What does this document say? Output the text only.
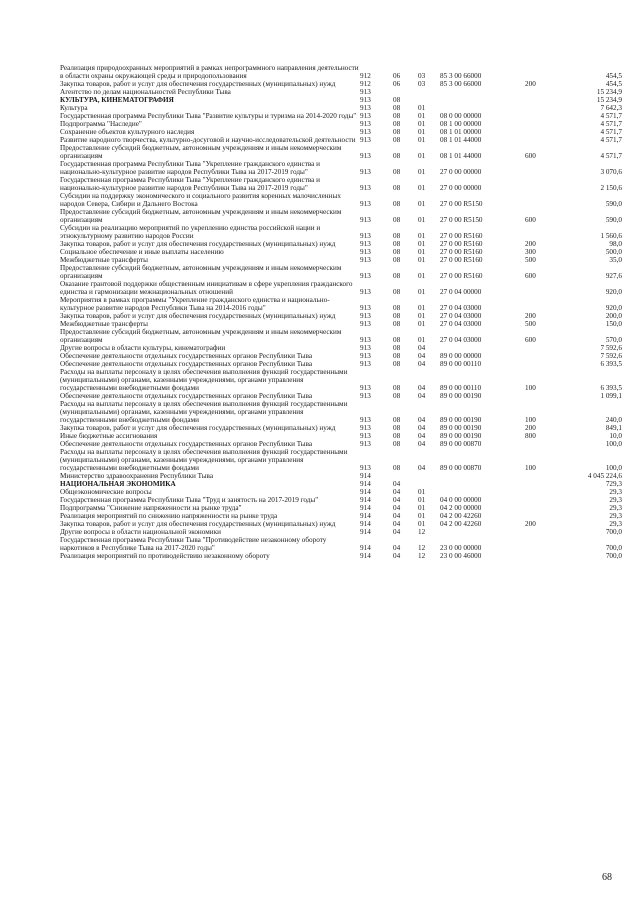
Реализация природоохранных мероприятий в рамках непрограммного направления деятельности в области охраны окружающей среды и природопользования	912	06	03	85 3 00 66000		454,5
Закупка товаров, работ и услуг для обеспечения государственных (муниципальных) нужд	912	06	03	85 3 00 66000	200	454,5
Агентство по делам национальностей Республики Тыва	913					15 234,9
КУЛЬТУРА, КИНЕМАТОГРАФИЯ	913	08				15 234,9
Культура	913	08	01			7 642,3
Государственная программа Республики Тыва "Развитие культуры и туризма на 2014-2020 годы"	913	08	01	08 0 00 00000		4 571,7
Подпрограмма "Наследие"	913	08	01	08 1 00 00000		4 571,7
Сохранение объектов культурного наследия	913	08	01	08 1 01 00000		4 571,7
Развитие народного творчества, культурно-досуговой и научно-исследовательской деятельности	913	08	01	08 1 01 44000		4 571,7
Предоставление субсидий бюджетным, автономным учреждениям и иным некоммерческим организациям	913	08	01	08 1 01 44000	600	4 571,7
Государственная программа Республики Тыва "Укрепление гражданского единства и национально-культурное развитие народов Республики Тыва на 2017-2019 годы"	913	08	01	27 0 00 00000		3 070,6
Государственная программа Республики Тыва "Укрепление гражданского единства и национально-культурное развитие народов Республики Тыва на 2017-2019 годы"	913	08	01	27 0 00 00000		2 150,6
Субсидии на поддержку экономического и социального развития коренных малочисленных народов Севера, Сибири и Дальнего Востока	913	08	01	27 0 00 R5150		590,0
Предоставление субсидий бюджетным, автономным учреждениям и иным некоммерческим организациям	913	08	01	27 0 00 R5150	600	590,0
Субсидии на реализацию мероприятий по укреплению единства российской нации и этнокультурному развитию народов России	913	08	01	27 0 00 R5160		1 560,6
Закупка товаров, работ и услуг для обеспечения государственных (муниципальных) нужд	913	08	01	27 0 00 R5160	200	98,0
Социальное обеспечение и иные выплаты населению	913	08	01	27 0 00 R5160	300	500,0
Межбюджетные трансферты	913	08	01	27 0 00 R5160	500	35,0
Предоставление субсидий бюджетным, автономным учреждениям и иным некоммерческим организациям	913	08	01	27 0 00 R5160	600	927,6
Оказание грантовой поддержки общественным инициативам в сфере укрепления гражданского единства и гармонизации межнациональных отношений	913	08	01	27 0 04 00000		920,0
Мероприятия в рамках программы "Укрепление гражданского единства и национально-культурное развитие народов Республики Тыва на 2014-2016 годы"	913	08	01	27 0 04 03000		920,0
Закупка товаров, работ и услуг для обеспечения государственных (муниципальных) нужд	913	08	01	27 0 04 03000	200	200,0
Межбюджетные трансферты	913	08	01	27 0 04 03000	500	150,0
Предоставление субсидий бюджетным, автономным учреждениям и иным некоммерческим организациям	913	08	01	27 0 04 03000	600	570,0
Другие вопросы в области культуры, кинематографии	913	08	04			7 592,6
Обеспечение деятельности отдельных государственных органов Республики Тыва	913	08	04	89 0 00 00000		7 592,6
Обеспечение деятельности отдельных государственных органов Республики Тыва	913	08	04	89 0 00 00110		6 393,5
Расходы на выплаты персоналу в целях обеспечения выполнения функций государственными (муниципальными) органами, казенными учреждениями, органами управления государственными внебюджетными фондами	913	08	04	89 0 00 00110	100	6 393,5
Обеспечение деятельности отдельных государственных органов Республики Тыва	913	08	04	89 0 00 00190		1 099,1
Расходы на выплаты персоналу в целях обеспечения выполнения функций государственными (муниципальными) органами, казенными учреждениями, органами управления государственными внебюджетными фондами	913	08	04	89 0 00 00190	100	240,0
Закупка товаров, работ и услуг для обеспечения государственных (муниципальных) нужд	913	08	04	89 0 00 00190	200	849,1
Иные бюджетные ассигнования	913	08	04	89 0 00 00190	800	10,0
Обеспечение деятельности отдельных государственных органов Республики Тыва	913	08	04	89 0 00 00870		100,0
Расходы на выплаты персоналу в целях обеспечения выполнения функций государственными (муниципальными) органами, казенными учреждениями, органами управления государственными внебюджетными фондами	913	08	04	89 0 00 00870	100	100,0
Министерство здравоохранения Республики Тыва	914					4 045 224,6
НАЦИОНАЛЬНАЯ ЭКОНОМИКА	914	04				729,3
Общеэкономические вопросы	914	04	01			29,3
Государственная программа Республики Тыва "Труд и занятость на 2017-2019 годы"	914	04	01	04 0 00 00000		29,3
Подпрограмма "Снижение напряженности на рынке труда"	914	04	01	04 2 00 00000		29,3
Реализация мероприятий по снижению напряженности на рынке труда	914	04	01	04 2 00 42260		29,3
Закупка товаров, работ и услуг для обеспечения государственных (муниципальных) нужд	914	04	01	04 2 00 42260	200	29,3
Другие вопросы в области национальной экономики	914	04	12			700,0
Государственная программа Республики Тыва "Противодействие незаконному обороту наркотиков в Республике Тыва на 2017-2020 годы"	914	04	12	23 0 00 00000		700,0
Реализация мероприятий по противодействию незаконному обороту	914	04	12	23 0 00 46000		700,0
68
